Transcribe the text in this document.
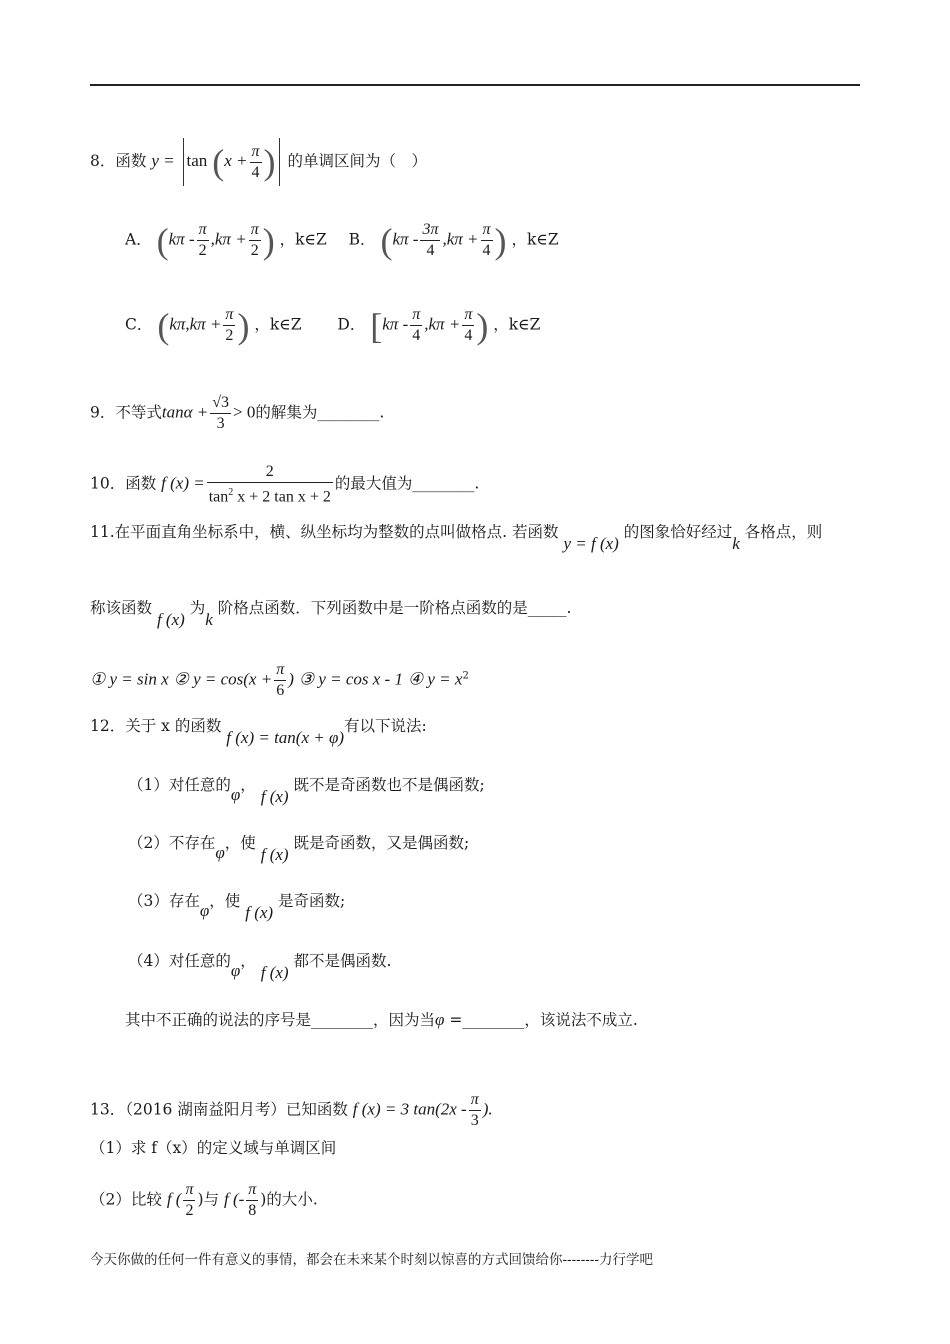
8．函数 $y = \tan (x + \frac{\pi}{4}$ ) 的单调区间为（　）
A． ($k\pi - \frac{\pi}{2} ,k\pi + \frac{\pi}{2}$ ) ，k∈Z B． ($k\pi - \frac{3\pi}{4} ,k\pi + \frac{\pi}{4}$ ) ，k∈Z
C． ($k\pi,k\pi + \frac{\pi}{2}$ ) ，k∈Z D． [$k\pi - \frac{\pi}{4} ,k\pi + \frac{\pi}{4}$ ) ，k∈Z
9．不等式$\tan\alpha + \frac{√3}{3} > 0$的解集为________.
10．函数 f $(x) = \frac{2}{\tan^2 x + 2 \tan x + 2}$ 的最大值为________.
11.在平面直角坐标系中，横、纵坐标均为整数的点叫做格点. 若函数 y = f (x) 的图象恰好经过k 各格点，则
称该函数 f (x) 为k 阶格点函数．下列函数中是一阶格点函数的是_____.
① y = sin x ② $y = \cos(x + \frac{\pi}{6}$ ) ③ y = cos x - 1 ④ $y = x^2$
12．关于 x 的函数 f (x) = tan(x + φ)有以下说法:
（1）对任意的φ， f (x) 既不是奇函数也不是偶函数;
（2）不存在φ，使 f (x) 既是奇函数，又是偶函数;
（3）存在φ，使 f (x) 是奇函数;
（4）对任意的φ， f (x) 都不是偶函数.
其中不正确的说法的序号是________，因为当φ =________，该说法不成立.
13．（2016 湖南益阳月考）已知函数 f (x) = 3 $\tan(2x - \frac{\pi}{3}$ ).
（1）求 f（x）的定义域与单调区间
（2）比较 f ( $\frac{\pi}{2}$ )与 f (- $\frac{\pi}{8}$ )的大小.
今天你做的任何一件有意义的事情，都会在未来某个时刻以惊喜的方式回馈给你--------力行学吧
